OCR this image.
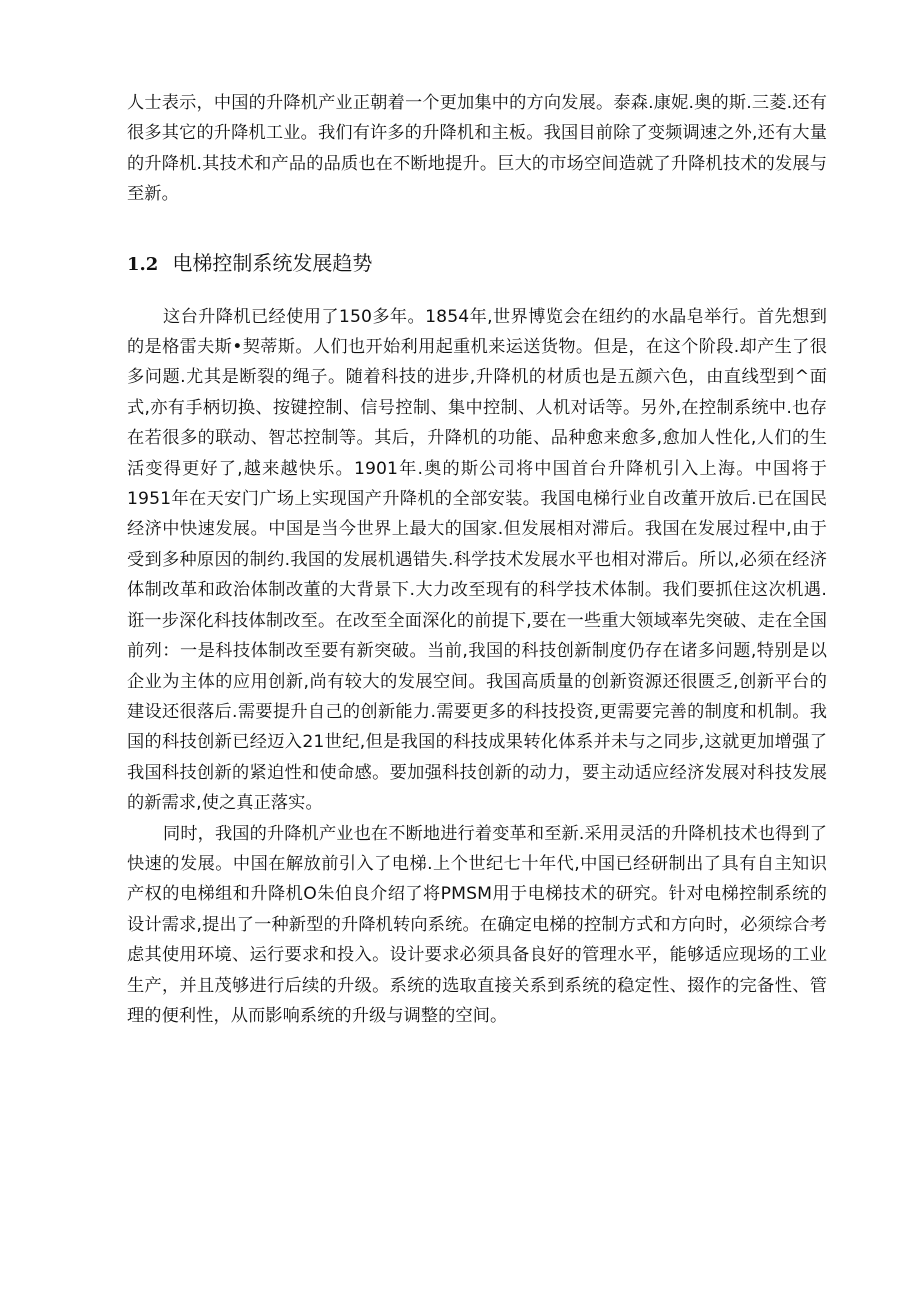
人士表示，中国的升降机产业正朝着一个更加集中的方向发展。泰森.康妮.奥的斯.三菱.还有很多其它的升降机工业。我们有许多的升降机和主板。我国目前除了变频调速之外,还有大量的升降机.其技术和产品的品质也在不断地提升。巨大的市场空间造就了升降机技术的发展与至新。

1.2 电梯控制系统发展趋势

这台升降机已经使用了150多年。1854年,世界博览会在纽约的水晶皂举行。首先想到的是格雷夫斯•契蒂斯。人们也开始利用起重机来运送货物。但是，在这个阶段.却产生了很多问题.尤其是断裂的绳子。随着科技的进步,升降机的材质也是五颜六色，由直线型到^面式,亦有手柄切换、按键控制、信号控制、集中控制、人机对话等。另外,在控制系统中.也存在若很多的联动、智芯控制等。其后，升降机的功能、品种愈来愈多,愈加人性化,人们的生活变得更好了,越来越快乐。1901年.奥的斯公司将中国首台升降机引入上海。中国将于1951年在天安门广场上实现国产升降机的全部安装。我国电梯行业自改董开放后.已在国民经济中快速发展。中国是当今世界上最大的国家.但发展相对滞后。我国在发展过程中,由于受到多种原因的制约.我国的发展机遇错失.科学技术发展水平也相对滞后。所以,必须在经济体制改革和政治体制改董的大背景下.大力改至现有的科学技术体制。我们要抓住这次机遇.诳一步深化科技体制改至。在改至全面深化的前提下,要在一些重大领域率先突破、走在全国前列：一是科技体制改至要有新突破。当前,我国的科技创新制度仍存在诸多问题,特别是以企业为主体的应用创新,尚有较大的发展空间。我国高质量的创新资源还很匮乏,创新平台的建设还很落后.需要提升自己的创新能力.需要更多的科技投资,更需要完善的制度和机制。我国的科技创新已经迈入21世纪,但是我国的科技成果转化体系并未与之同步,这就更加增强了我国科技创新的紧迫性和使命感。要加强科技创新的动力，要主动适应经济发展对科技发展的新需求,使之真正落实。

同时，我国的升降机产业也在不断地进行着变革和至新.采用灵活的升降机技术也得到了快速的发展。中国在解放前引入了电梯.上个世纪七十年代,中国已经研制出了具有自主知识产权的电梯组和升降机O朱伯良介绍了将PMSM用于电梯技术的研究。针对电梯控制系统的设计需求,提出了一种新型的升降机转向系统。在确定电梯的控制方式和方向时，必须综合考虑其使用环境、运行要求和投入。设计要求必须具备良好的管理水平，能够适应现场的工业生产，并且茂够进行后续的升级。系统的选取直接关系到系统的稳定性、掇作的完备性、管理的便利性，从而影响系统的升级与调整的空间。
